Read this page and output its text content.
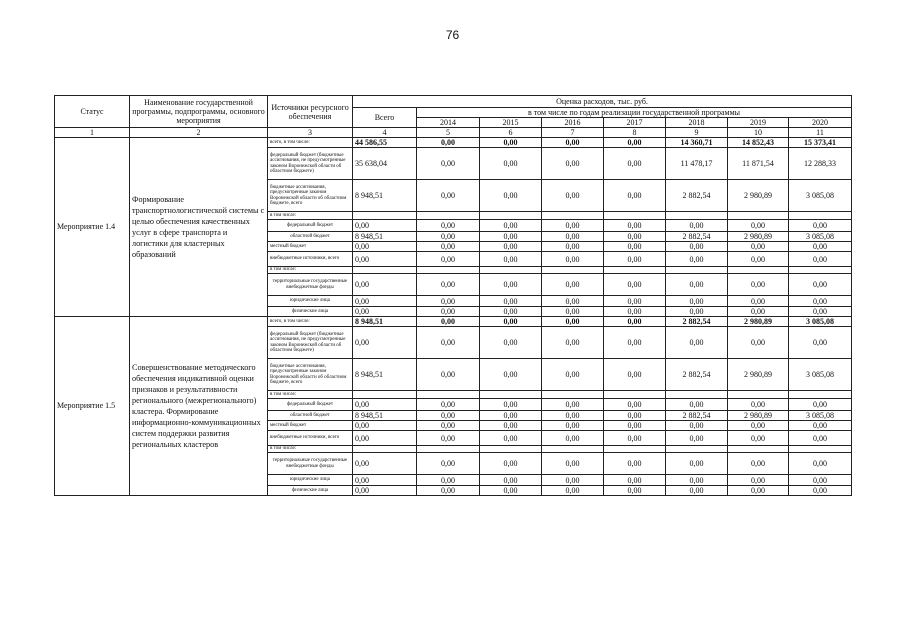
76
Статус	Наименование государственной программы, подпрограммы, основного мероприятия	Источники ресурсного обеспечения	Оценка расходов, тыс. руб.							
			Всего	в том числе по годам реализации государственной программы						
				2014	2015	2016	2017	2018	2019	2020
1	2	3	4	5	6	7	8	9	10	11
Мероприятие 1.4	Формирование транспортнологистической системы с целью обеспечения качественных услуг в сфере транспорта и логистики для кластерных образований	всего, в том числе:	44 586,55	0,00	0,00	0,00	0,00	14 360,71	14 852,43	15 373,41
		федеральный бюджет (бюджетные ассигнования, не предусмотренные законом Воронежской области об областном бюджете)	35 638,04	0,00	0,00	0,00	0,00	11 478,17	11 871,54	12 288,33
		бюджетные ассигнования, предусмотренные законом Воронежской области об областном бюджете, всего	8 948,51	0,00	0,00	0,00	0,00	2 882,54	2 980,89	3 085,08
		в том числе:								
		федеральный бюджет	0,00	0,00	0,00	0,00	0,00	0,00	0,00	0,00
		областной бюджет	8 948,51	0,00	0,00	0,00	0,00	2 882,54	2 980,89	3 085,08
		местный бюджет	0,00	0,00	0,00	0,00	0,00	0,00	0,00	0,00
		внебюджетные источники, всего	0,00	0,00	0,00	0,00	0,00	0,00	0,00	0,00
		в том числе:								
		территориальные государственные внебюджетные фонды	0,00	0,00	0,00	0,00	0,00	0,00	0,00	0,00
		юридические лица	0,00	0,00	0,00	0,00	0,00	0,00	0,00	0,00
		физические лица	0,00	0,00	0,00	0,00	0,00	0,00	0,00	0,00
Мероприятие 1.5	Совершенствование методического обеспечения индикативной оценки признаков и результативности регионального (межрегионального) кластера. Формирование информационно-коммуникационных систем поддержки развития региональных кластеров	всего, в том числе:	8 948,51	0,00	0,00	0,00	0,00	2 882,54	2 980,89	3 085,08
		федеральный бюджет (бюджетные ассигнования, не предусмотренные законом Воронежской области об областном бюджете)	0,00	0,00	0,00	0,00	0,00	0,00	0,00	0,00
		бюджетные ассигнования, предусмотренные законом Воронежской области об областном бюджете, всего	8 948,51	0,00	0,00	0,00	0,00	2 882,54	2 980,89	3 085,08
		в том числе:								
		федеральный бюджет	0,00	0,00	0,00	0,00	0,00	0,00	0,00	0,00
		областной бюджет	8 948,51	0,00	0,00	0,00	0,00	2 882,54	2 980,89	3 085,08
		местный бюджет	0,00	0,00	0,00	0,00	0,00	0,00	0,00	0,00
		внебюджетные источники, всего	0,00	0,00	0,00	0,00	0,00	0,00	0,00	0,00
		в том числе:								
		территориальные государственные внебюджетные фонды	0,00	0,00	0,00	0,00	0,00	0,00	0,00	0,00
		юридические лица	0,00	0,00	0,00	0,00	0,00	0,00	0,00	0,00
		физические лица	0,00	0,00	0,00	0,00	0,00	0,00	0,00	0,00
